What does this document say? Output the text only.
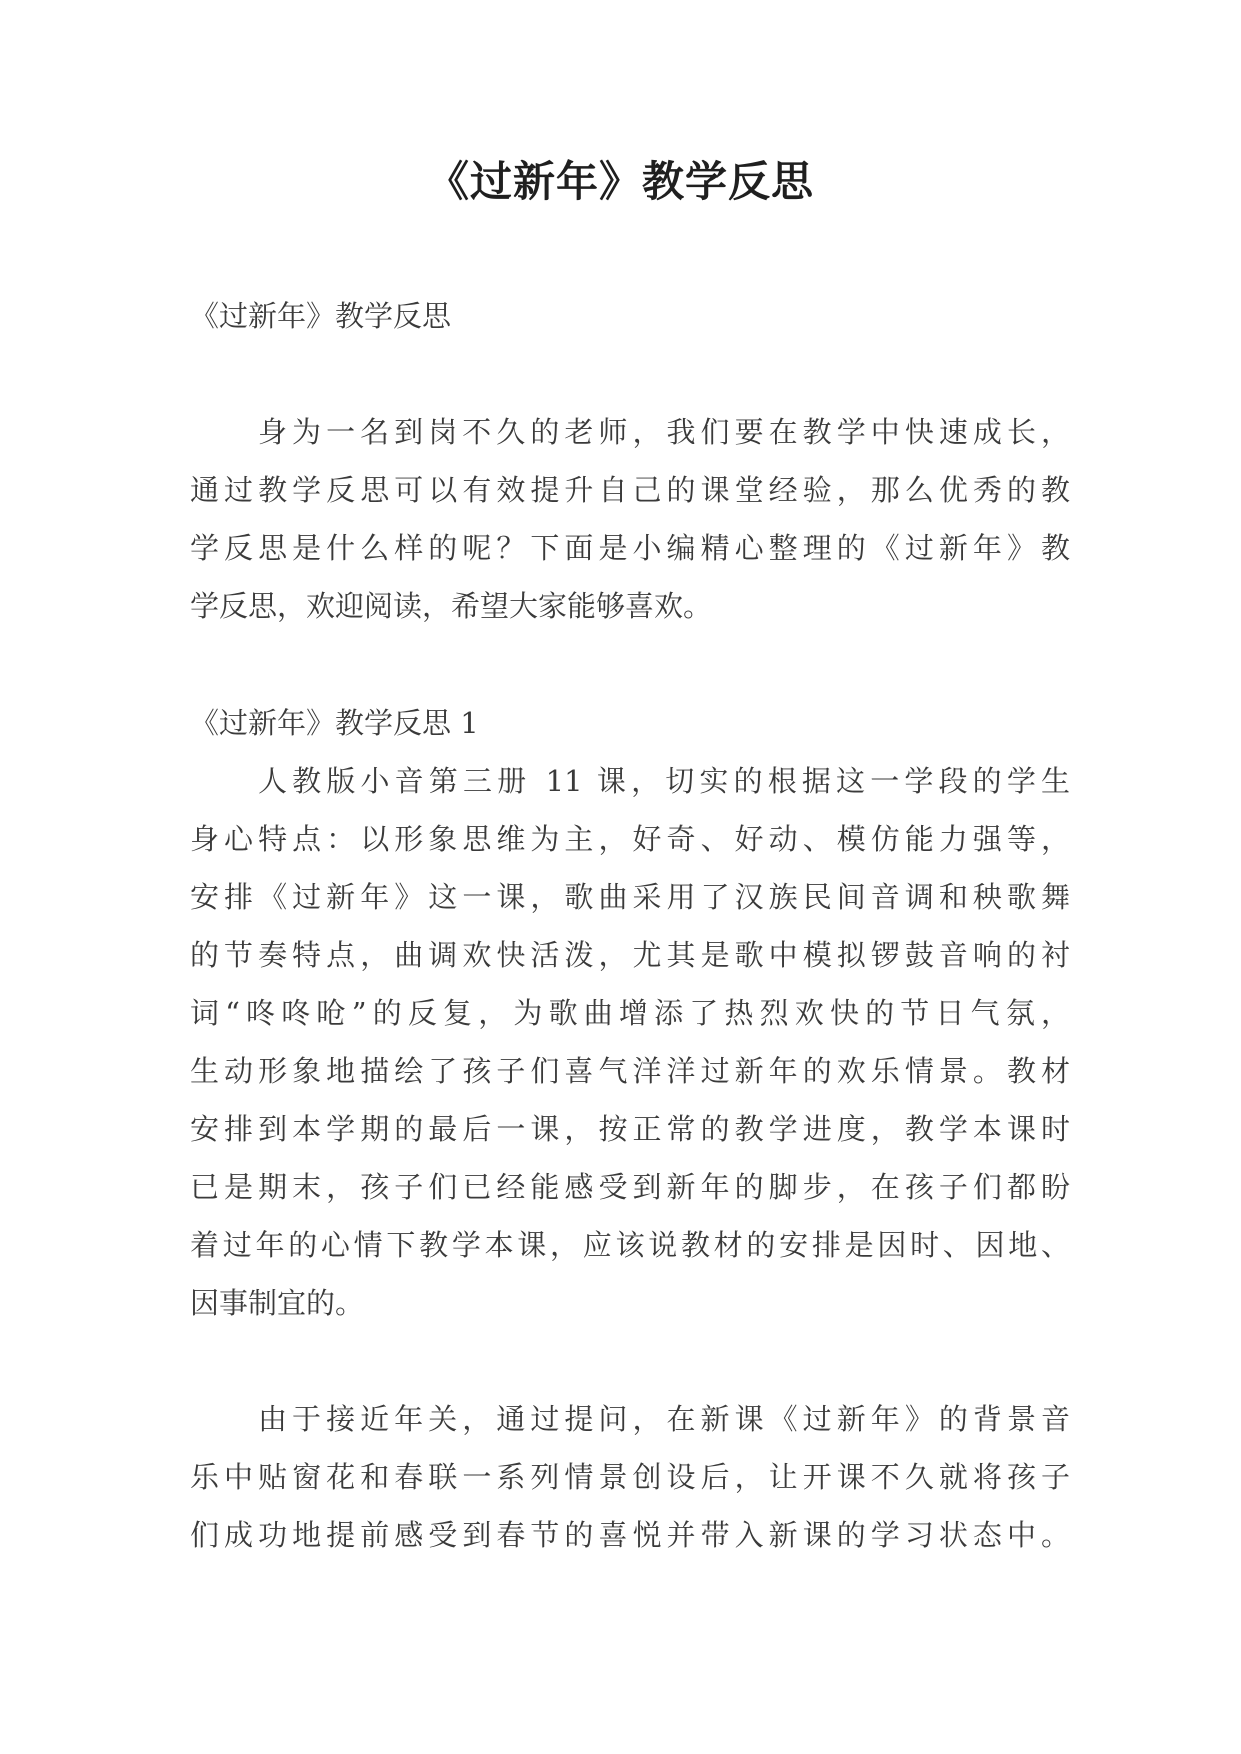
《过新年》教学反思

《过新年》教学反思

身为一名到岗不久的老师，我们要在教学中快速成长，

通过教学反思可以有效提升自己的课堂经验，那么优秀的教

学反思是什么样的呢？下面是小编精心整理的《过新年》教

学反思，欢迎阅读，希望大家能够喜欢。

《过新年》教学反思 1

人教版小音第三册 11 课，切实的根据这一学段的学生

身心特点：以形象思维为主，好奇、好动、模仿能力强等，

安排《过新年》这一课，歌曲采用了汉族民间音调和秧歌舞

的节奏特点，曲调欢快活泼，尤其是歌中模拟锣鼓音响的衬

词“咚咚呛”的反复，为歌曲增添了热烈欢快的节日气氛，

生动形象地描绘了孩子们喜气洋洋过新年的欢乐情景。教材

安排到本学期的最后一课，按正常的教学进度，教学本课时

已是期末，孩子们已经能感受到新年的脚步，在孩子们都盼

着过年的心情下教学本课，应该说教材的安排是因时、因地、

因事制宜的。

由于接近年关，通过提问，在新课《过新年》的背景音

乐中贴窗花和春联一系列情景创设后，让开课不久就将孩子

们成功地提前感受到春节的喜悦并带入新课的学习状态中。
